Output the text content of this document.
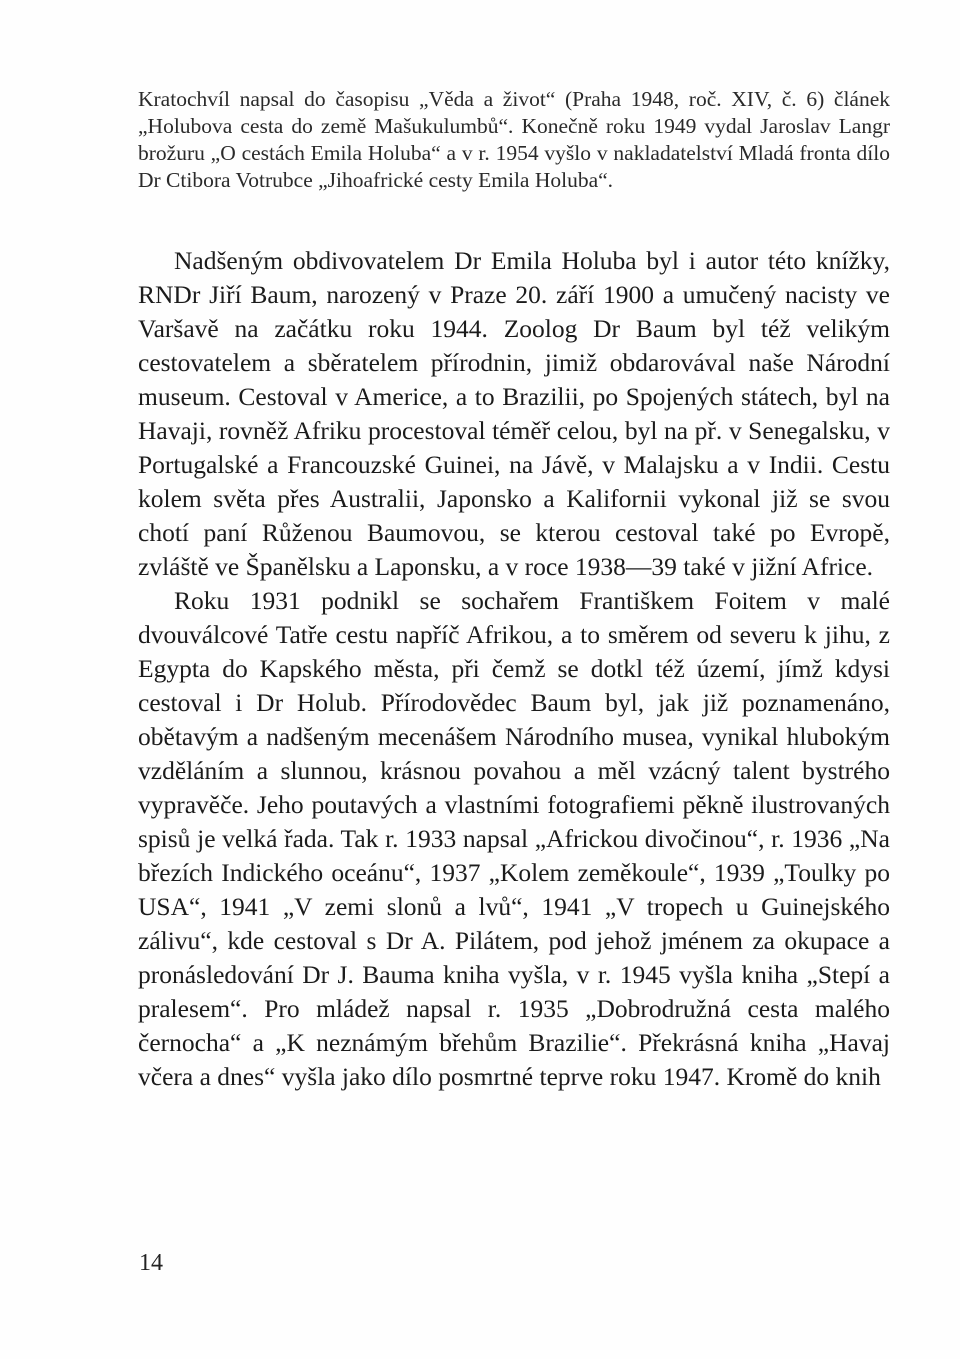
Kratochvíl napsal do časopisu „Věda a život“ (Praha 1948, roč. XIV, č. 6) článek „Holubova cesta do země Mašukulumbů“. Konečně roku 1949 vydal Jaroslav Langr brožuru „O cestách Emila Holuba“ a v r. 1954 vyšlo v nakladatelství Mladá fronta dílo Dr Ctibora Votrubce „Jihoafrické cesty Emila Holuba“.

Nadšeným obdivovatelem Dr Emila Holuba byl i autor této knížky, RNDr Jiří Baum, narozený v Praze 20. září 1900 a umučený nacisty ve Varšavě na začátku roku 1944. Zoolog Dr Baum byl též velikým cestovatelem a sběratelem přírodnin, jimiž obdarovával naše Národní museum. Cestoval v Americe, a to Brazilii, po Spojených státech, byl na Havaji, rovněž Afriku procestoval téměř celou, byl na př. v Senegalsku, v Portugalské a Francouzské Guinei, na Jávě, v Malajsku a v Indii. Cestu kolem světa přes Australii, Japonsko a Kalifornii vykonal již se svou chotí paní Růženou Baumovou, se kterou cestoval také po Evropě, zvláště ve Španělsku a Laponsku, a v roce 1938—39 také v jižní Africe.

Roku 1931 podnikl se sochařem Františkem Foitem v malé dvouválcové Tatře cestu napříč Afrikou, a to směrem od severu k jihu, z Egypta do Kapského města, při čemž se dotkl též území, jímž kdysi cestoval i Dr Holub. Přírodovědec Baum byl, jak již poznamenáno, obětavým a nadšeným mecenášem Národního musea, vynikal hlubokým vzděláním a slunnou, krásnou povahou a měl vzácný talent bystrého vypravěče. Jeho poutavých a vlastními fotografiemi pěkně ilustrovaných spisů je velká řada. Tak r. 1933 napsal „Africkou divočinou“, r. 1936 „Na březích Indického oceánu“, 1937 „Kolem zeměkoule“, 1939 „Toulky po USA“, 1941 „V zemi slonů a lvů“, 1941 „V tropech u Guinejského zálivu“, kde cestoval s Dr A. Pilátem, pod jehož jménem za okupace a pronásledování Dr J. Bauma kniha vyšla, v r. 1945 vyšla kniha „Stepí a pralesem“. Pro mládež napsal r. 1935 „Dobrodružná cesta malého černocha“ a „K neznámým břehům Brazilie“. Překrásná kniha „Havaj včera a dnes“ vyšla jako dílo posmrtné teprve roku 1947. Kromě do knih

14
